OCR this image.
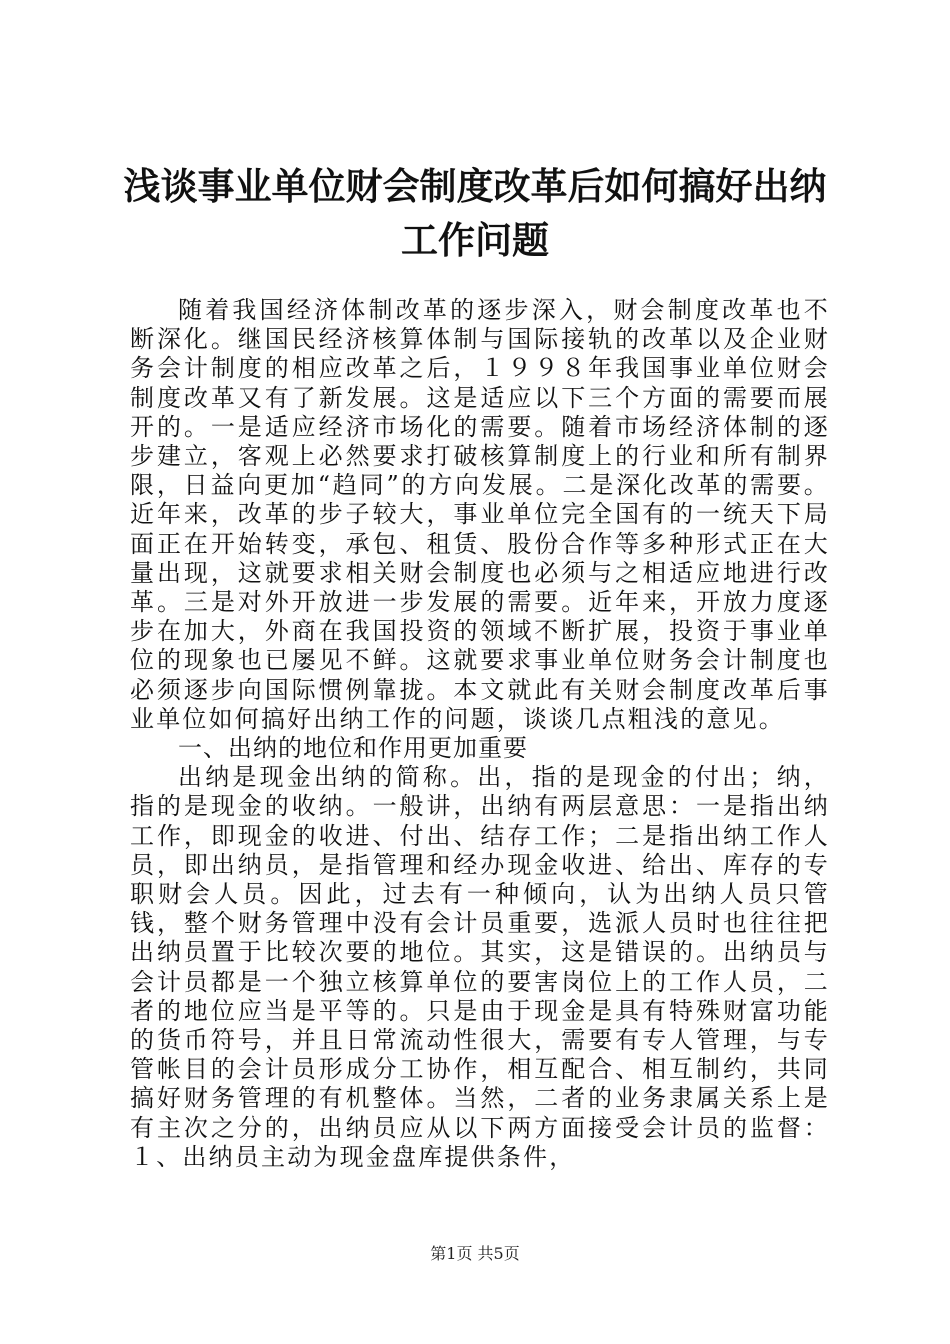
浅谈事业单位财会制度改革后如何搞好出纳工作问题

随着我国经济体制改革的逐步深入，财会制度改革也不断深化。继国民经济核算体制与国际接轨的改革以及企业财务会计制度的相应改革之后，１９９８年我国事业单位财会制度改革又有了新发展。这是适应以下三个方面的需要而展开的。一是适应经济市场化的需要。随着市场经济体制的逐步建立，客观上必然要求打破核算制度上的行业和所有制界限，日益向更加“趋同”的方向发展。二是深化改革的需要。近年来，改革的步子较大，事业单位完全国有的一统天下局面正在开始转变，承包、租赁、股份合作等多种形式正在大量出现，这就要求相关财会制度也必须与之相适应地进行改革。三是对外开放进一步发展的需要。近年来，开放力度逐步在加大，外商在我国投资的领域不断扩展，投资于事业单位的现象也已屡见不鲜。这就要求事业单位财务会计制度也必须逐步向国际惯例靠拢。本文就此有关财会制度改革后事业单位如何搞好出纳工作的问题，谈谈几点粗浅的意见。

一、出纳的地位和作用更加重要

出纳是现金出纳的简称。出，指的是现金的付出；纳，指的是现金的收纳。一般讲，出纳有两层意思：一是指出纳工作，即现金的收进、付出、结存工作；二是指出纳工作人员，即出纳员，是指管理和经办现金收进、给出、库存的专职财会人员。因此，过去有一种倾向，认为出纳人员只管钱，整个财务管理中没有会计员重要，选派人员时也往往把出纳员置于比较次要的地位。其实，这是错误的。出纳员与会计员都是一个独立核算单位的要害岗位上的工作人员，二者的地位应当是平等的。只是由于现金是具有特殊财富功能的货币符号，并且日常流动性很大，需要有专人管理，与专管帐目的会计员形成分工协作，相互配合、相互制约，共同搞好财务管理的有机整体。当然，二者的业务隶属关系上是有主次之分的，出纳员应从以下两方面接受会计员的监督：１、出纳员主动为现金盘库提供条件，

第1页 共5页
